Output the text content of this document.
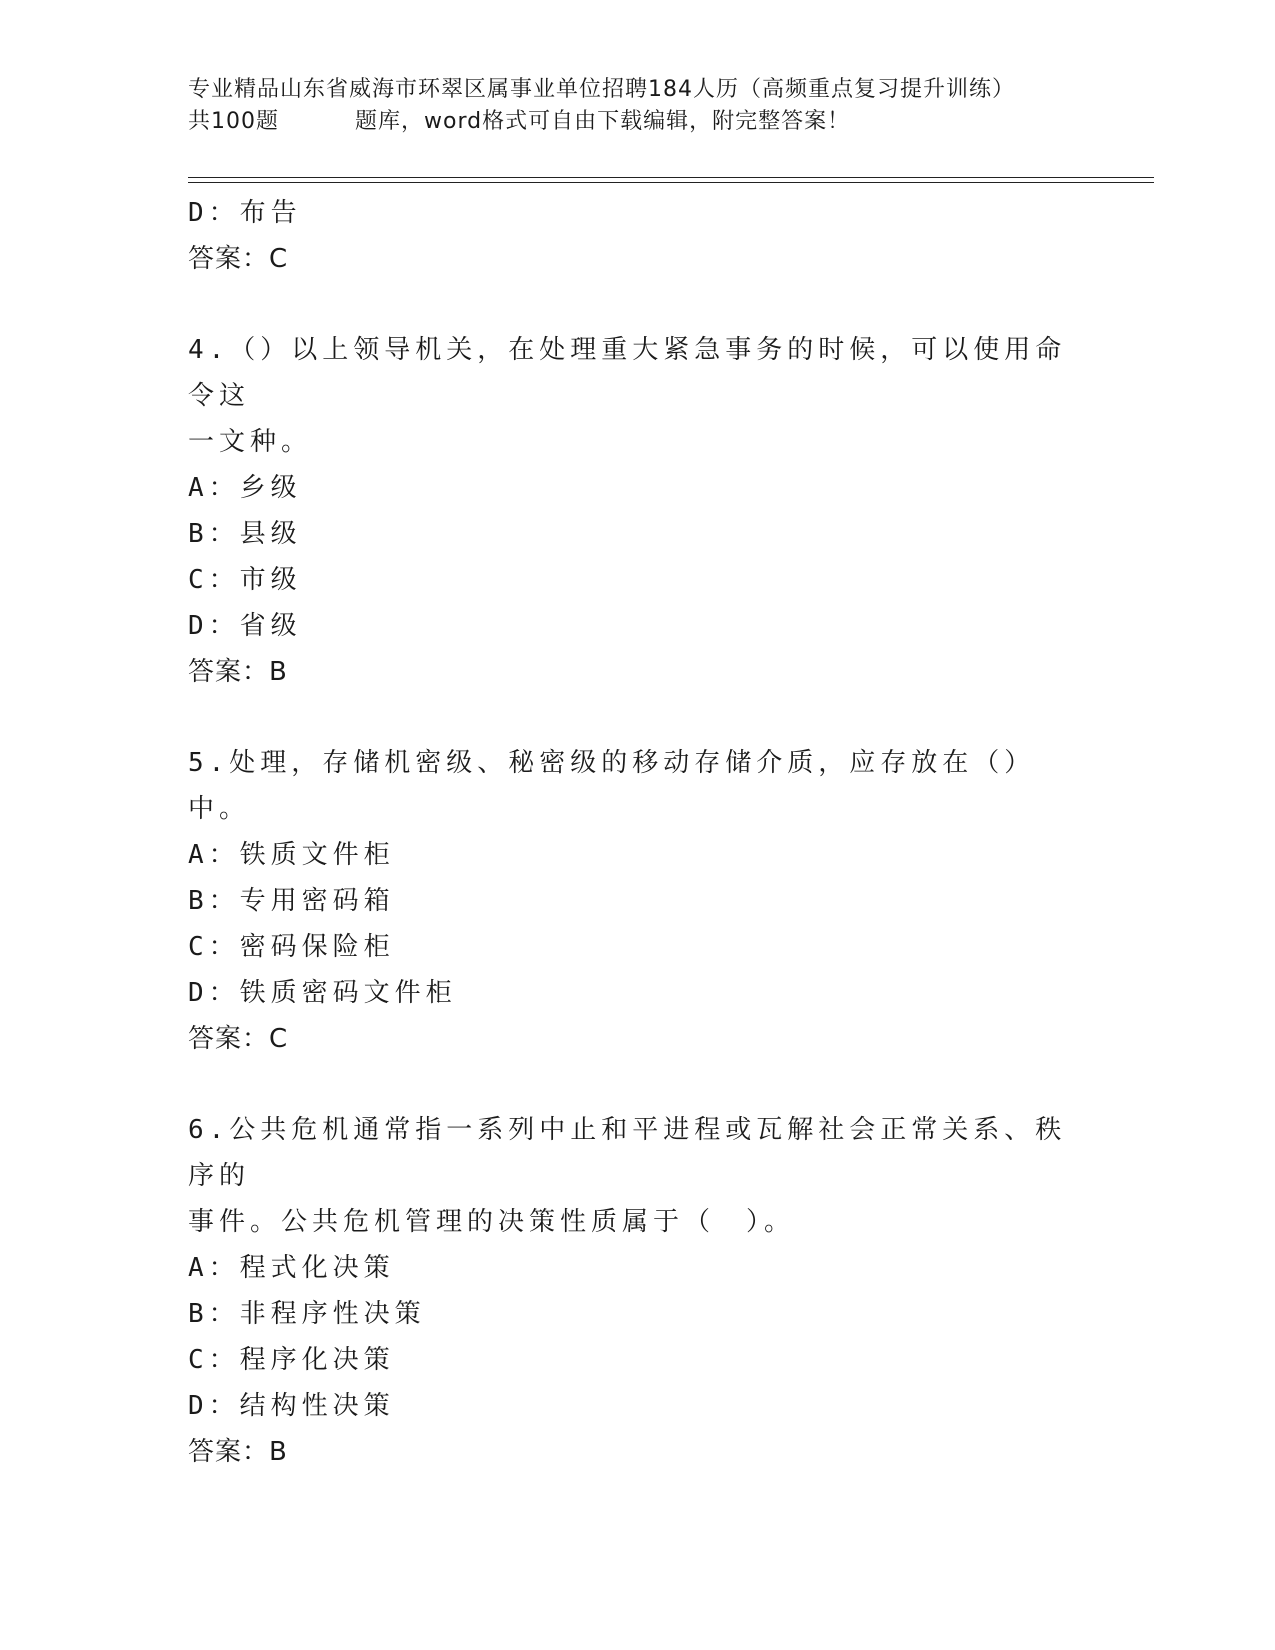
专业精品山东省威海市环翠区属事业单位招聘184人历（高频重点复习提升训练）
共100题	题库，word格式可自由下载编辑，附完整答案！
D：布告
答案：C
4.（）以上领导机关，在处理重大紧急事务的时候，可以使用命令这
一文种。
A：乡级
B：县级
C：市级
D：省级
答案：B
5.处理，存储机密级、秘密级的移动存储介质，应存放在（）中。
A：铁质文件柜
B：专用密码箱
C：密码保险柜
D：铁质密码文件柜
答案：C
6.公共危机通常指一系列中止和平进程或瓦解社会正常关系、秩序的
事件。公共危机管理的决策性质属于（　）。
A：程式化决策
B：非程序性决策
C：程序化决策
D：结构性决策
答案：B
